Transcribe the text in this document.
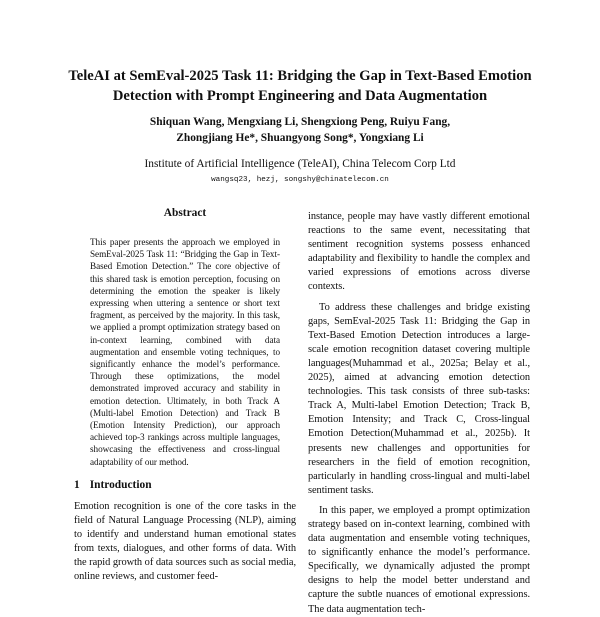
TeleAI at SemEval-2025 Task 11: Bridging the Gap in Text-Based Emotion
Detection with Prompt Engineering and Data Augmentation
Shiquan Wang, Mengxiang Li, Shengxiong Peng, Ruiyu Fang,
Zhongjiang He*, Shuangyong Song*, Yongxiang Li
Institute of Artificial Intelligence (TeleAI), China Telecom Corp Ltd
wangsq23, hezj, songshy@chinatelecom.cn
Abstract

This paper presents the approach we employed in SemEval-2025 Task 11: “Bridging the Gap in Text-Based Emotion Detection.” The core objective of this shared task is emotion perception, focusing on determining the emotion the speaker is likely expressing when uttering a sentence or short text fragment, as perceived by the majority. In this task, we applied a prompt optimization strategy based on in-context learning, combined with data augmentation and ensemble voting techniques, to significantly enhance the model’s performance. Through these optimizations, the model demonstrated improved accuracy and stability in emotion detection. Ultimately, in both Track A (Multi-label Emotion Detection) and Track B (Emotion Intensity Prediction), our approach achieved top-3 rankings across multiple languages, showcasing the effectiveness and cross-lingual adaptability of our method.

1 Introduction

Emotion recognition is one of the core tasks in the field of Natural Language Processing (NLP), aiming to identify and understand human emotional states from texts, dialogues, and other forms of data. With the rapid growth of data sources such as social media, online reviews, and customer feed-

instance, people may have vastly different emotional reactions to the same event, necessitating that sentiment recognition systems possess enhanced adaptability and flexibility to handle the complex and varied expressions of emotions across diverse contexts.

To address these challenges and bridge existing gaps, SemEval-2025 Task 11: Bridging the Gap in Text-Based Emotion Detection introduces a large-scale emotion recognition dataset covering multiple languages(Muhammad et al., 2025a; Belay et al., 2025), aimed at advancing emotion detection technologies. This task consists of three sub-tasks: Track A, Multi-label Emotion Detection; Track B, Emotion Intensity; and Track C, Cross-lingual Emotion Detection(Muhammad et al., 2025b). It presents new challenges and opportunities for researchers in the field of emotion recognition, particularly in handling cross-lingual and multi-label sentiment tasks.

In this paper, we employed a prompt optimization strategy based on in-context learning, combined with data augmentation and ensemble voting techniques, to significantly enhance the model’s performance. Specifically, we dynamically adjusted the prompt designs to help the model better understand and capture the subtle nuances of emotional expressions. The data augmentation tech-
